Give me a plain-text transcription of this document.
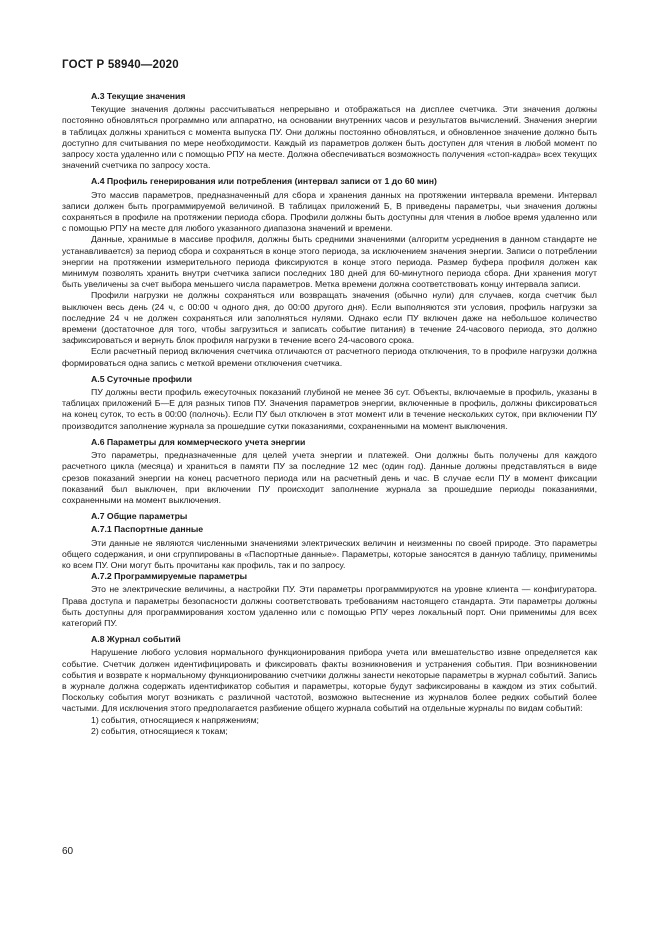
ГОСТ Р 58940—2020
А.3 Текущие значения

Текущие значения должны рассчитываться непрерывно и отображаться на дисплее счетчика. Эти значения должны постоянно обновляться программно или аппаратно, на основании внутренних часов и результатов вычислений. Значения энергии в таблицах должны храниться с момента выпуска ПУ. Они должны постоянно обновляться, и обновленное значение должно быть доступно для считывания по мере необходимости. Каждый из параметров должен быть доступен для чтения в любой момент по запросу хоста удаленно или с помощью РПУ на месте. Должна обеспечиваться возможность получения «стоп-кадра» всех текущих значений счетчика по запросу хоста.

А.4 Профиль генерирования или потребления (интервал записи от 1 до 60 мин)

Это массив параметров, предназначенный для сбора и хранения данных на протяжении интервала времени. Интервал записи должен быть программируемой величиной. В таблицах приложений Б, В приведены параметры, чьи значения должны сохраняться в профиле на протяжении периода сбора. Профили должны быть доступны для чтения в любое время удаленно или с помощью РПУ на месте для любого указанного диапазона значений и времени.

Данные, хранимые в массиве профиля, должны быть средними значениями (алгоритм усреднения в данном стандарте не устанавливается) за период сбора и сохраняться в конце этого периода, за исключением значения энергии. Записи о потреблении энергии на протяжении измерительного периода фиксируются в конце этого периода. Размер буфера профиля должен как минимум позволять хранить внутри счетчика записи последних 180 дней для 60-минутного периода сбора. Дни хранения могут быть увеличены за счет выбора меньшего числа параметров. Метка времени должна соответствовать концу интервала записи.

Профили нагрузки не должны сохраняться или возвращать значения (обычно нули) для случаев, когда счетчик был выключен весь день (24 ч, с 00:00 ч одного дня, до 00:00 другого дня). Если выполняются эти условия, профиль нагрузки за последние 24 ч не должен сохраняться или заполняться нулями. Однако если ПУ включен даже на небольшое количество времени (достаточное для того, чтобы загрузиться и записать событие питания) в течение 24-часового периода, это должно зафиксироваться и вернуть блок профиля нагрузки в течение всего 24-часового срока.

Если расчетный период включения счетчика отличаются от расчетного периода отключения, то в профиле нагрузки должна формироваться одна запись с меткой времени отключения счетчика.

А.5 Суточные профили

ПУ должны вести профиль ежесуточных показаний глубиной не менее 36 сут. Объекты, включаемые в профиль, указаны в таблицах приложений Б—Е для разных типов ПУ. Значения параметров энергии, включенные в профиль, должны фиксироваться на конец суток, то есть в 00:00 (полночь). Если ПУ был отключен в этот момент или в течение нескольких суток, при включении ПУ производится заполнение журнала за прошедшие сутки показаниями, сохраненными на момент выключения.

А.6 Параметры для коммерческого учета энергии

Это параметры, предназначенные для целей учета энергии и платежей. Они должны быть получены для каждого расчетного цикла (месяца) и храниться в памяти ПУ за последние 12 мес (один год). Данные должны представляться в виде срезов показаний энергии на конец расчетного периода или на расчетный день и час. В случае если ПУ в момент фиксации показаний был выключен, при включении ПУ происходит заполнение журнала за прошедшие периоды показаниями, сохраненными на момент выключения.

А.7 Общие параметры
А.7.1 Паспортные данные

Эти данные не являются численными значениями электрических величин и неизменны по своей природе. Это параметры общего содержания, и они сгруппированы в «Паспортные данные». Параметры, которые заносятся в данную таблицу, применимы ко всем ПУ. Они могут быть прочитаны как профиль, так и по запросу.

А.7.2 Программируемые параметры

Это не электрические величины, а настройки ПУ. Эти параметры программируются на уровне клиента — конфигуратора. Права доступа и параметры безопасности должны соответствовать требованиям настоящего стандарта. Эти параметры должны быть доступны для программирования хостом удаленно или с помощью РПУ через локальный порт. Они применимы для всех категорий ПУ.

А.8 Журнал событий

Нарушение любого условия нормального функционирования прибора учета или вмешательство извне определяется как событие. Счетчик должен идентифицировать и фиксировать факты возникновения и устранения события. При возникновении события и возврате к нормальному функционированию счетчики должны занести некоторые параметры в журнал событий. Запись в журнале должна содержать идентификатор события и параметры, которые будут зафиксированы в каждом из этих событий. Поскольку события могут возникать с различной частотой, возможно вытеснение из журналов более редких событий более частыми. Для исключения этого предполагается разбиение общего журнала событий на отдельные журналы по видам событий:

1) события, относящиеся к напряжениям;

2) события, относящиеся к токам;

60
